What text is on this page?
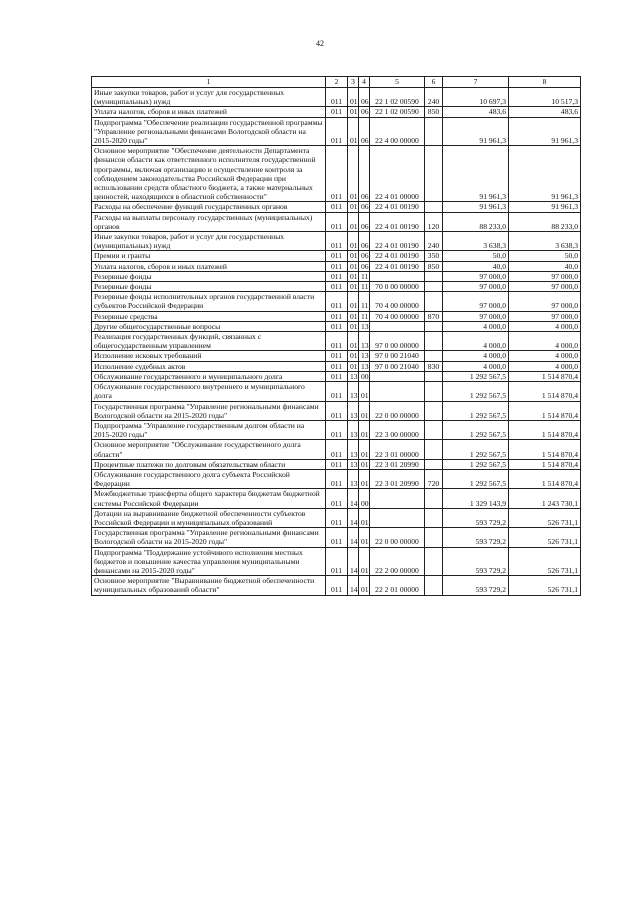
42
1	2	3	4	5	6	7	8
Иные закупки товаров, работ и услуг для государственных (муниципальных) нужд	011	01	06	22 1 02 00590	240	10 697,3	10 517,3
Уплата налогов, сборов и иных платежей	011	01	06	22 1 02 00590	850	483,6	483,6
Подпрограмма "Обеспечение реализации государственной программы "Управление региональными финансами Вологодской области на 2015-2020 годы"	011	01	06	22 4 00 00000		91 961,3	91 961,3
Основное мероприятие "Обеспечение деятельности Департамента финансов области как ответственного исполнителя государственной программы, включая организацию и осуществление контроля за соблюдением законодательства Российской Федерации при использовании средств областного бюджета, а также материальных ценностей, находящихся в областной собственности"	011	01	06	22 4 01 00000		91 961,3	91 961,3
Расходы на обеспечение функций государственных органов	011	01	06	22 4 01 00190		91 961,3	91 961,3
Расходы на выплаты персоналу государственных (муниципальных) органов	011	01	06	22 4 01 00190	120	88 233,0	88 233,0
Иные закупки товаров, работ и услуг для государственных (муниципальных) нужд	011	01	06	22 4 01 00190	240	3 638,3	3 638,3
Премии и гранты	011	01	06	22 4 01 00190	350	50,0	50,0
Уплата налогов, сборов и иных платежей	011	01	06	22 4 01 00190	850	40,0	40,0
Резервные фонды	011	01	11			97 000,0	97 000,0
Резервные фонды	011	01	11	70 0 00 00000		97 000,0	97 000,0
Резервные фонды исполнительных органов государственной власти субъектов Российской Федерации	011	01	11	70 4 00 00000		97 000,0	97 000,0
Резервные средства	011	01	11	70 4 00 00000	870	97 000,0	97 000,0
Другие общегосударственные вопросы	011	01	13			4 000,0	4 000,0
Реализация государственных функций, связанных с общегосударственным управлением	011	01	13	97 0 00 00000		4 000,0	4 000,0
Исполнение исковых требований	011	01	13	97 0 00 21040		4 000,0	4 000,0
Исполнение судебных актов	011	01	13	97 0 00 21040	830	4 000,0	4 000,0
Обслуживание государственного и муниципального долга	011	13	00			1 292 567,5	1 514 870,4
Обслуживание государственного внутреннего и муниципального долга	011	13	01			1 292 567,5	1 514 870,4
Государственная программа "Управление региональными финансами Вологодской области на 2015-2020 годы"	011	13	01	22 0 00 00000		1 292 567,5	1 514 870,4
Подпрограмма "Управление государственным долгом области на 2015-2020 годы"	011	13	01	22 3 00 00000		1 292 567,5	1 514 870,4
Основное мероприятие "Обслуживание государственного долга области"	011	13	01	22 3 01 00000		1 292 567,5	1 514 870,4
Процентные платежи по долговым обязательствам области	011	13	01	22 3 01 20990		1 292 567,5	1 514 870,4
Обслуживание государственного долга субъекта Российской Федерации	011	13	01	22 3 01 20990	720	1 292 567,5	1 514 870,4
Межбюджетные трансферты общего характера бюджетам бюджетной системы Российской Федерации	011	14	00			1 329 143,9	1 243 730,1
Дотации на выравнивание бюджетной обеспеченности субъектов Российской Федерации и муниципальных образований	011	14	01			593 729,2	526 731,1
Государственная программа "Управление региональными финансами Вологодской области на 2015-2020 годы"	011	14	01	22 0 00 00000		593 729,2	526 731,1
Подпрограмма "Поддержание устойчивого исполнения местных бюджетов и повышение качества управления муниципальными финансами на 2015-2020 годы"	011	14	01	22 2 00 00000		593 729,2	526 731,1
Основное мероприятие "Выравнивание бюджетной обеспеченности муниципальных образований области"	011	14	01	22 2 01 00000		593 729,2	526 731,1
